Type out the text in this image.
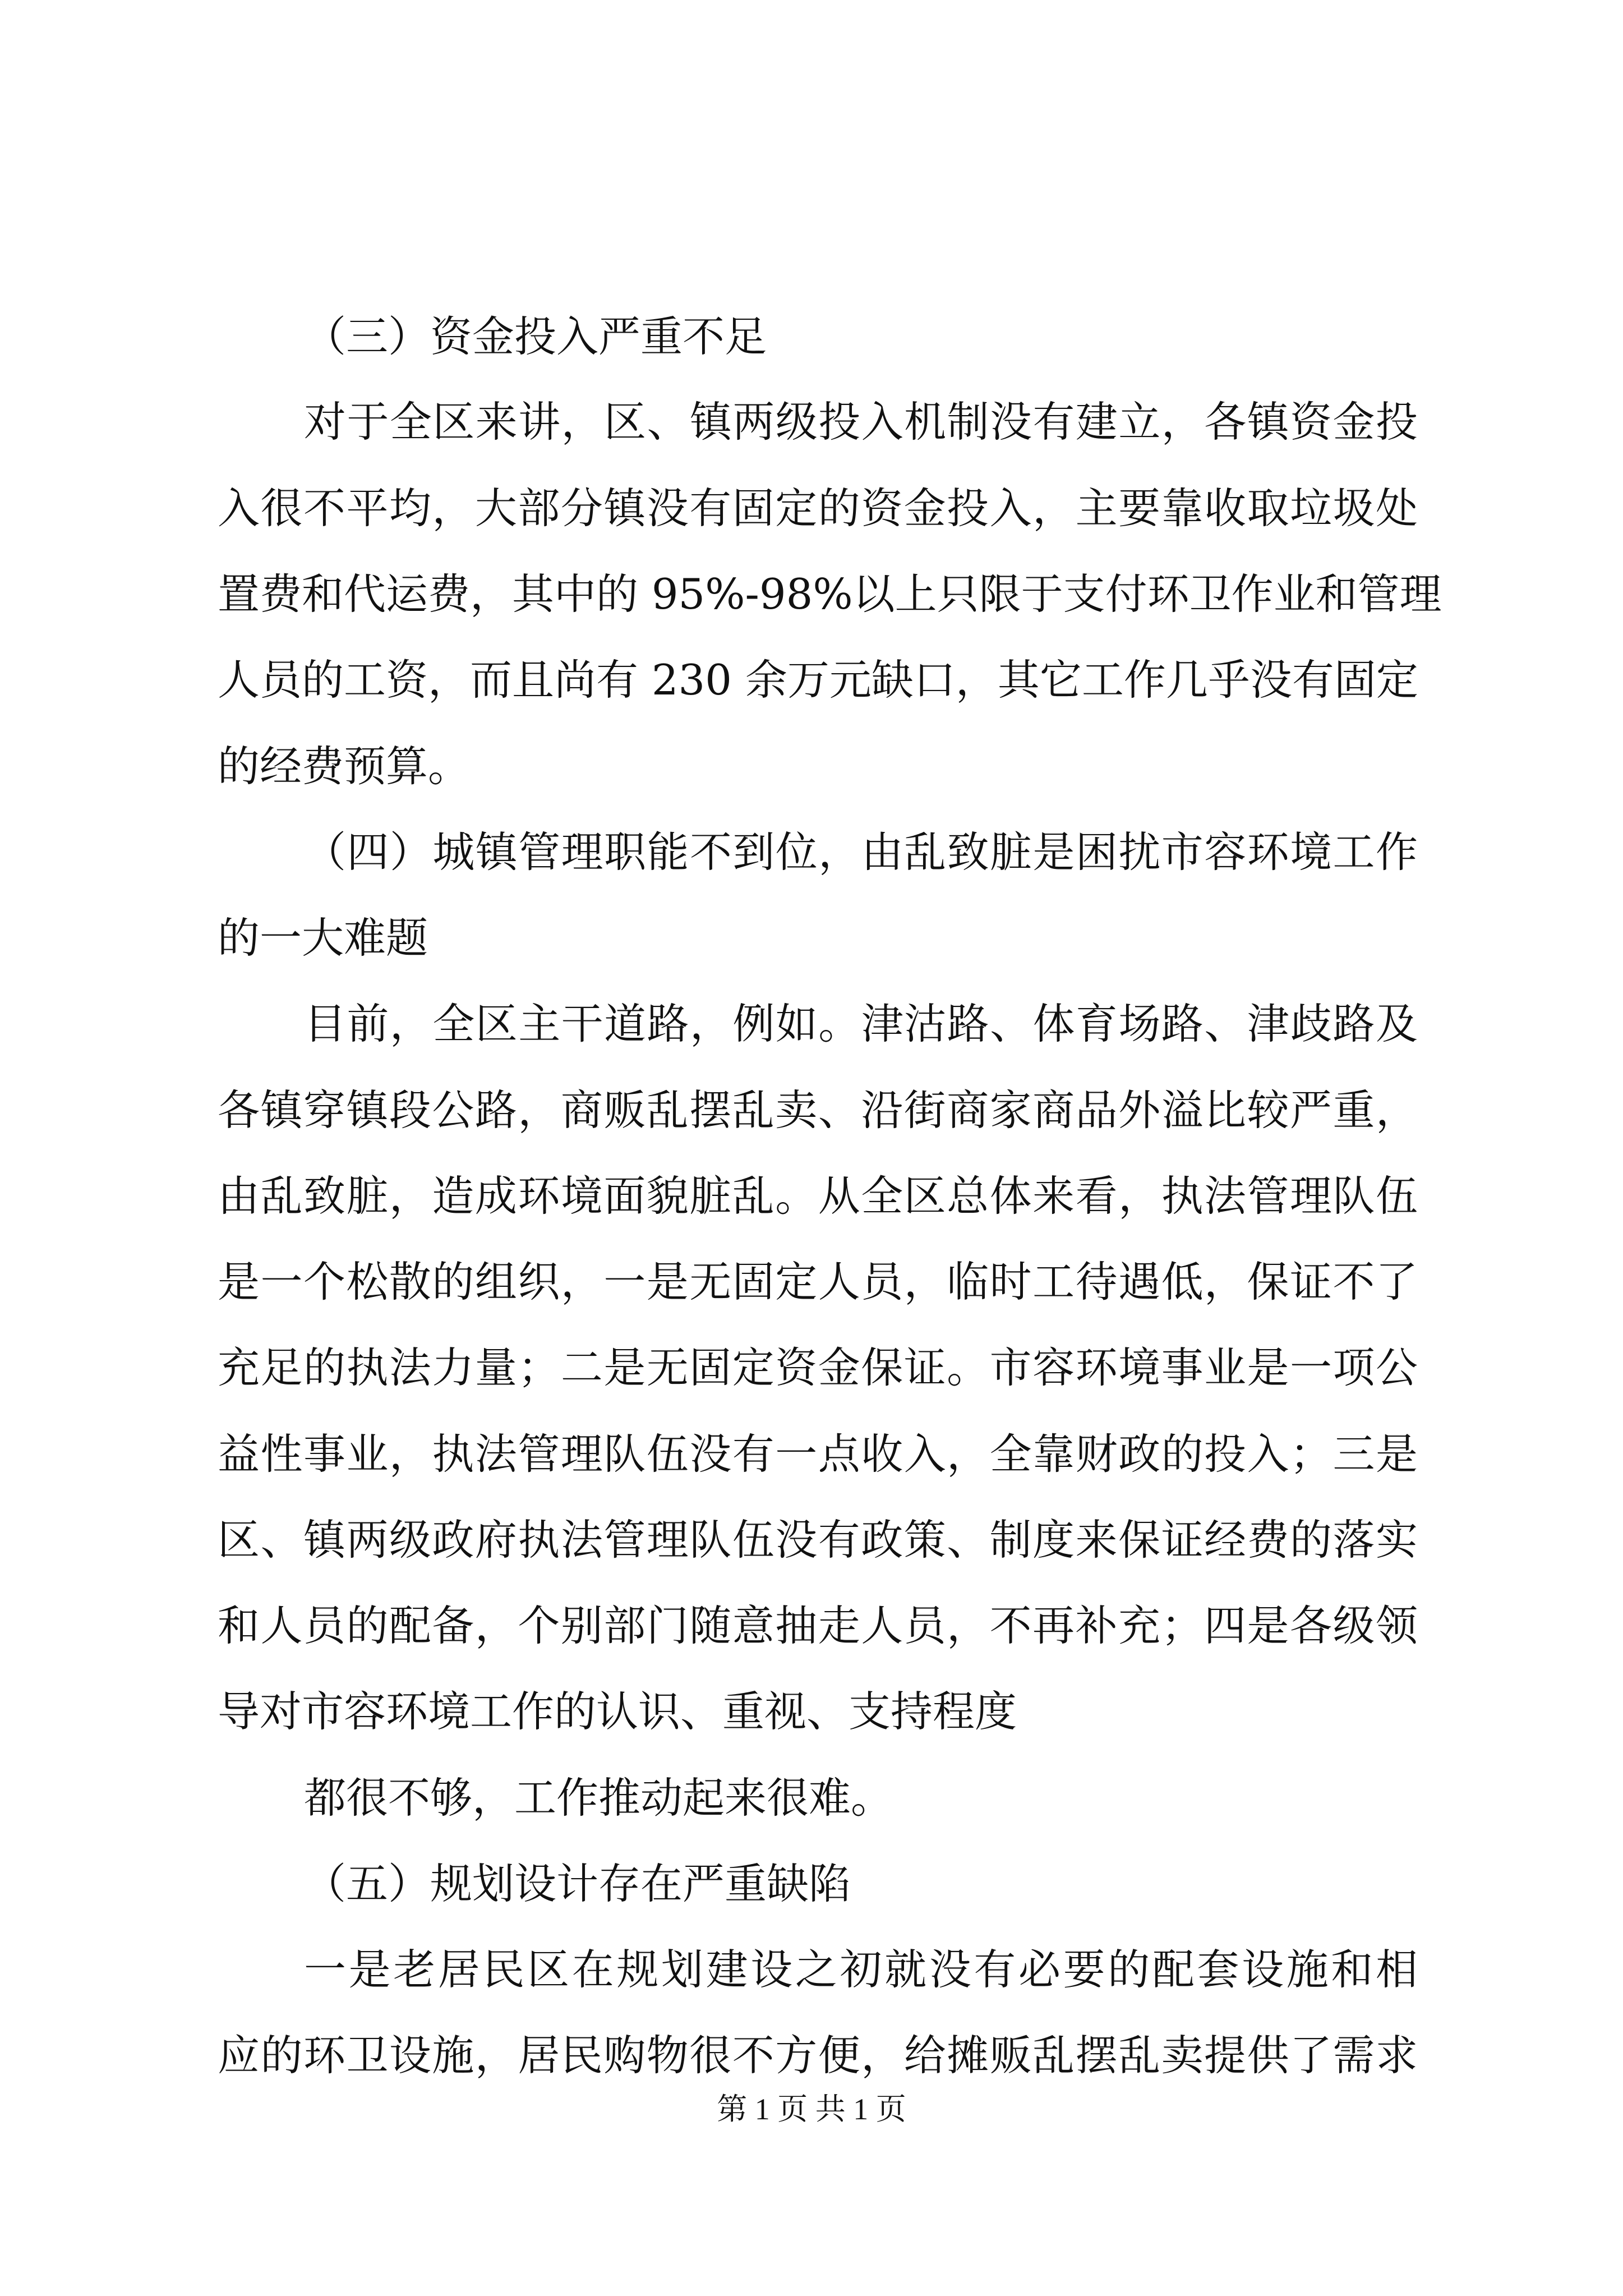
（三）资金投入严重不足
对于全区来讲，区、镇两级投入机制没有建立，各镇资金投
入很不平均，大部分镇没有固定的资金投入，主要靠收取垃圾处
置费和代运费，其中的 95%-98%以上只限于支付环卫作业和管理
人员的工资，而且尚有 230 余万元缺口，其它工作几乎没有固定
的经费预算。
（四）城镇管理职能不到位，由乱致脏是困扰市容环境工作
的一大难题
目前，全区主干道路，例如。津沽路、体育场路、津歧路及
各镇穿镇段公路，商贩乱摆乱卖、沿街商家商品外溢比较严重，
由乱致脏，造成环境面貌脏乱。从全区总体来看，执法管理队伍
是一个松散的组织，一是无固定人员，临时工待遇低，保证不了
充足的执法力量；二是无固定资金保证。市容环境事业是一项公
益性事业，执法管理队伍没有一点收入，全靠财政的投入；三是
区、镇两级政府执法管理队伍没有政策、制度来保证经费的落实
和人员的配备，个别部门随意抽走人员，不再补充；四是各级领
导对市容环境工作的认识、重视、支持程度
都很不够，工作推动起来很难。
（五）规划设计存在严重缺陷
一是老居民区在规划建设之初就没有必要的配套设施和相
应的环卫设施，居民购物很不方便，给摊贩乱摆乱卖提供了需求
第 1 页 共 1 页
